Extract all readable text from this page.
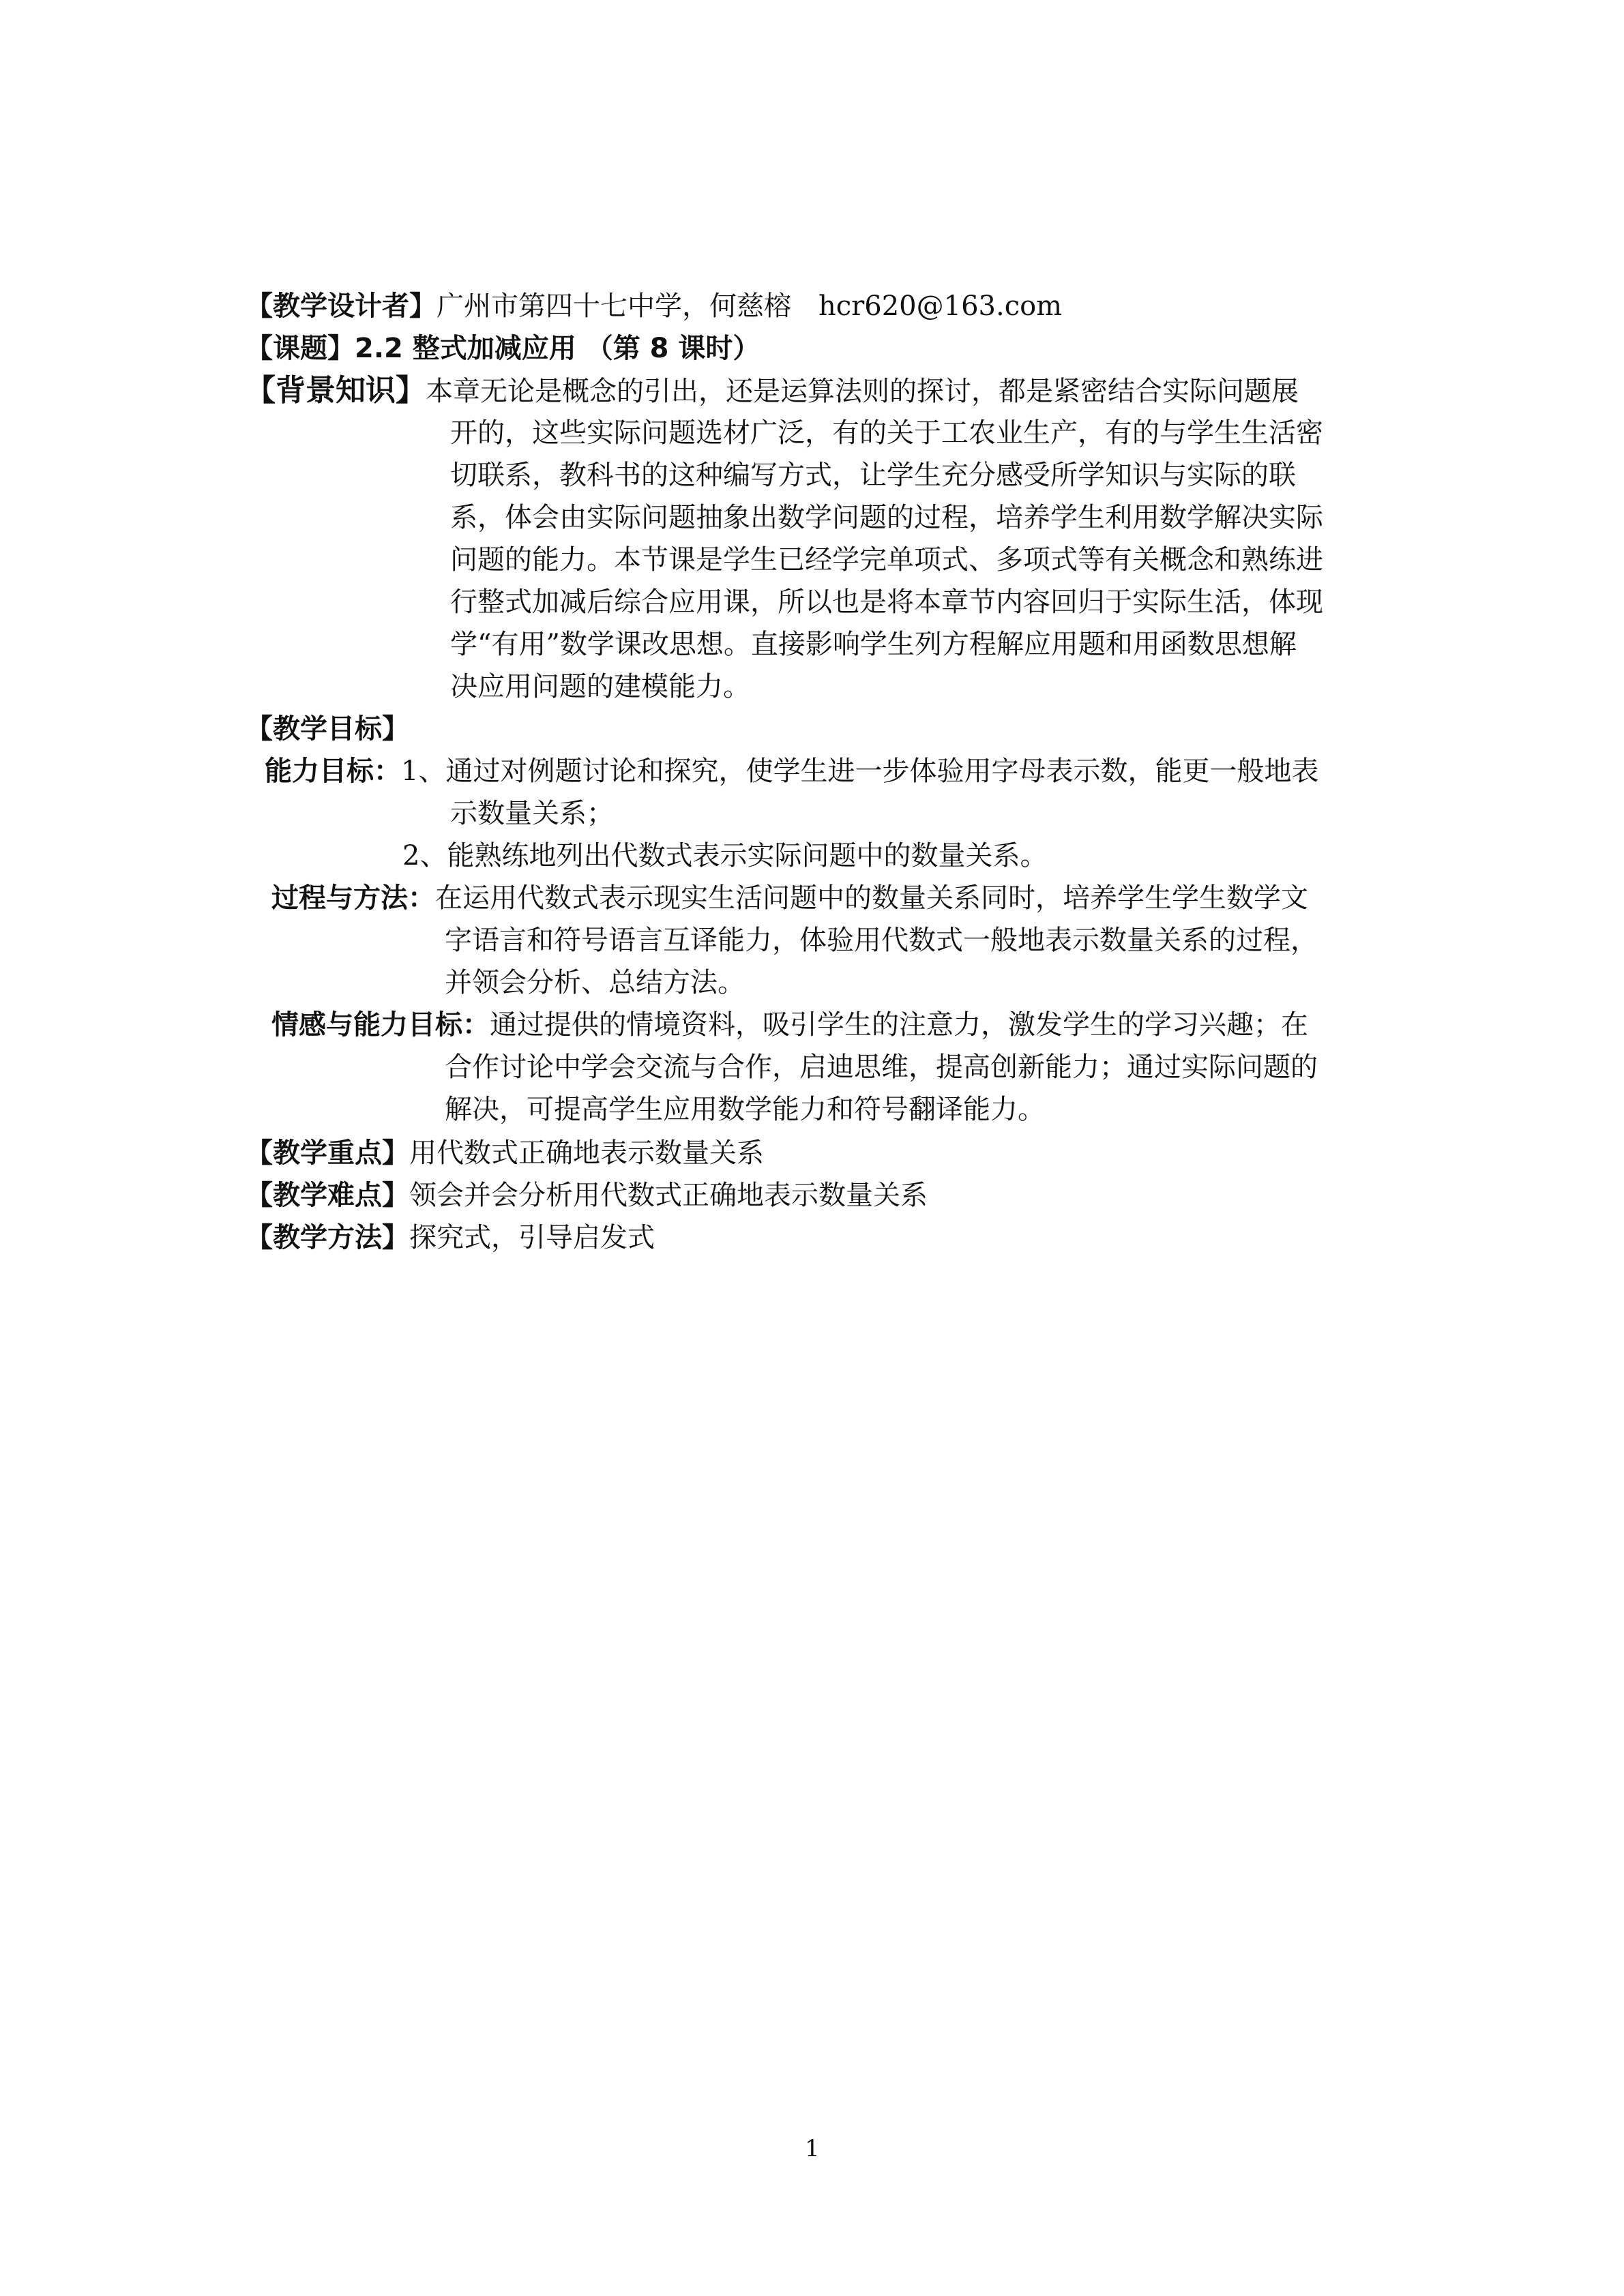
【教学设计者】广州市第四十七中学，何慈榕　hcr620@163.com
【课题】2.2 整式加减应用 （第 8 课时）
【背景知识】本章无论是概念的引出，还是运算法则的探讨，都是紧密结合实际问题展
开的，这些实际问题选材广泛，有的关于工农业生产，有的与学生生活密
切联系，教科书的这种编写方式，让学生充分感受所学知识与实际的联
系，体会由实际问题抽象出数学问题的过程，培养学生利用数学解决实际
问题的能力。本节课是学生已经学完单项式、多项式等有关概念和熟练进
行整式加减后综合应用课，所以也是将本章节内容回归于实际生活，体现
学“有用”数学课改思想。直接影响学生列方程解应用题和用函数思想解
决应用问题的建模能力。
【教学目标】
能力目标：1、通过对例题讨论和探究，使学生进一步体验用字母表示数，能更一般地表
示数量关系；
2、能熟练地列出代数式表示实际问题中的数量关系。
过程与方法：在运用代数式表示现实生活问题中的数量关系同时，培养学生学生数学文
字语言和符号语言互译能力，体验用代数式一般地表示数量关系的过程，
并领会分析、总结方法。
情感与能力目标：通过提供的情境资料，吸引学生的注意力，激发学生的学习兴趣；在
合作讨论中学会交流与合作，启迪思维，提高创新能力；通过实际问题的
解决，可提高学生应用数学能力和符号翻译能力。
【教学重点】用代数式正确地表示数量关系
【教学难点】领会并会分析用代数式正确地表示数量关系
【教学方法】探究式，引导启发式
1
